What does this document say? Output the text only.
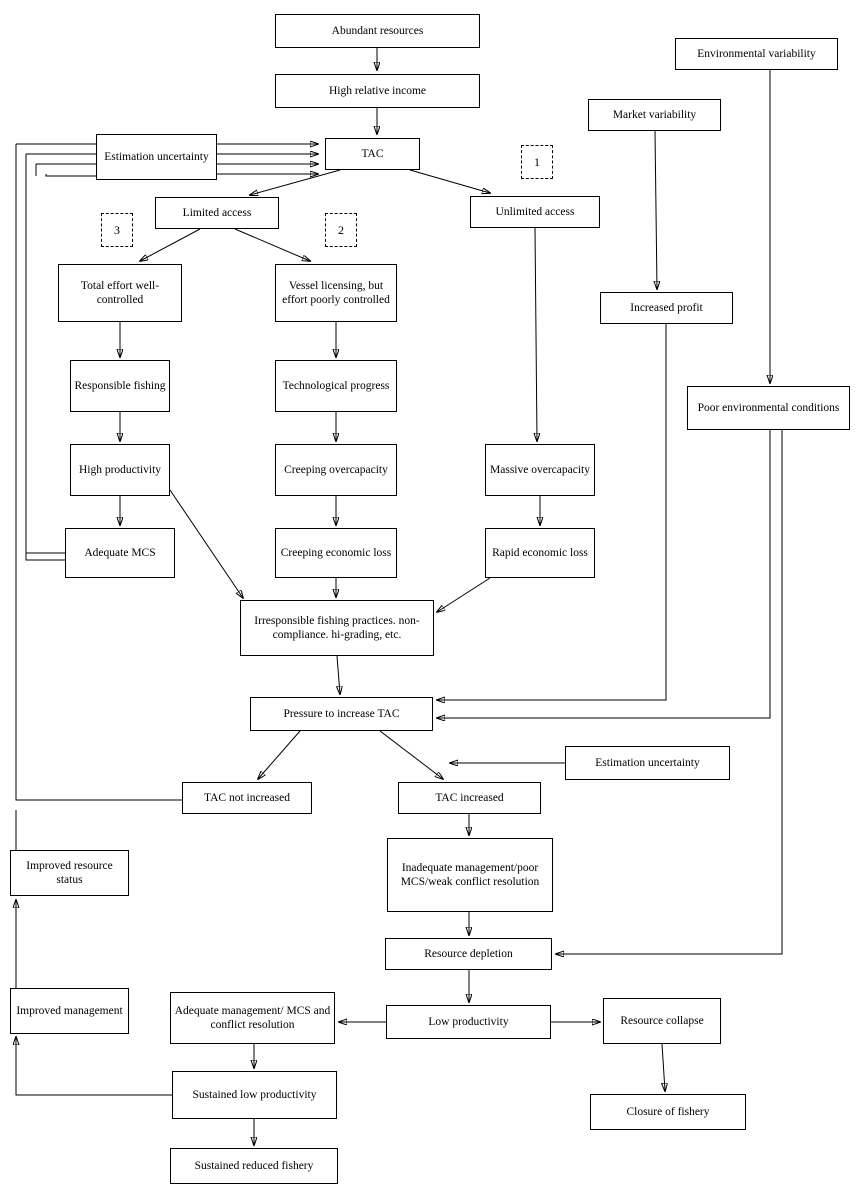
Abundant resources
High relative income
TAC
Environmental variability
Market variability
Estimation uncertainty
Limited access	Unlimited access
Increased profit
Poor environmental conditions
Total effort well-controlled
Vessel licensing, but effort poorly controlled
Responsible fishing	Technological progress
High productivity	Creeping overcapacity	Massive overcapacity
Adequate MCS	Creeping economic loss	Rapid economic loss
Irresponsible fishing practices. non-compliance. hi-grading, etc.
Pressure to increase TAC
Estimation uncertainty
TAC not increased	TAC increased
Inadequate management/poor MCS/weak conflict resolution
Resource depletion
Improved resource status
Improved management	Adequate management/ MCS and conflict resolution	Low productivity	Resource collapse
Sustained low productivity
Closure of fishery
Sustained reduced fishery
1
2
3
